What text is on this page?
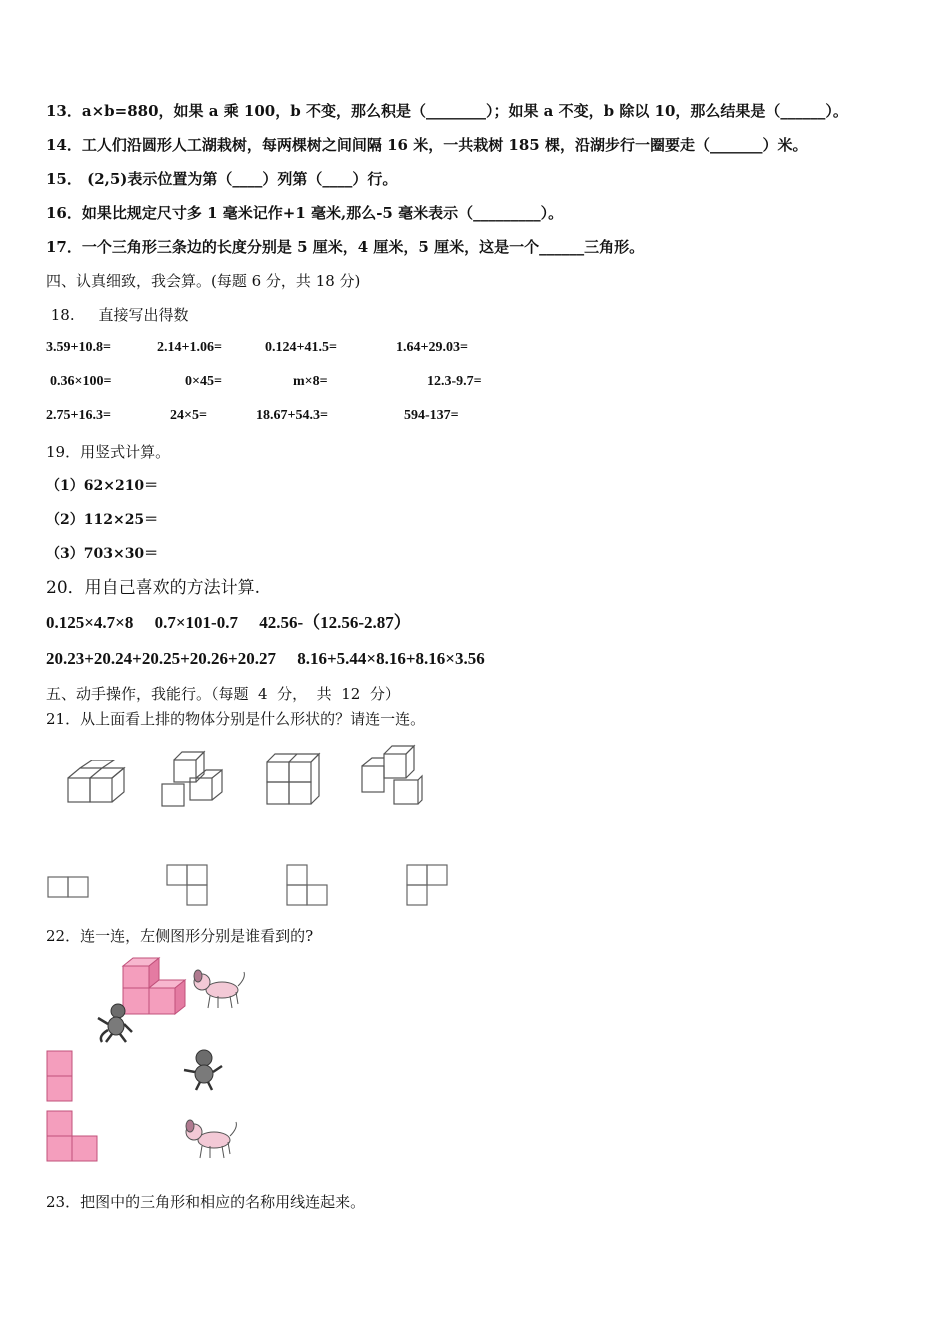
13．a×b=880，如果 a 乘 100，b 不变，那么积是（________）；如果 a 不变，b 除以 10，那么结果是（______）。
14．工人们沿圆形人工湖栽树，每两棵树之间间隔 16 米，一共栽树 185 棵，沿湖步行一圈要走（_______）米。
15． (2,5)表示位置为第（____）列第（____）行。
16．如果比规定尺寸多 1 毫米记作+1 毫米,那么-5 毫米表示（_________）。
17．一个三角形三条边的长度分别是 5 厘米，4 厘米，5 厘米，这是一个______三角形。
四、认真细致，我会算。(每题 6 分，共 18 分)
18.     直接写出得数
3.59+10.8=	2.14+1.06=	0.124+41.5=	1.64+29.03=
0.36×100=	0×45=	m×8=	12.3-9.7=
2.75+16.3=	24×5=	18.67+54.3=	594-137=
19．用竖式计算。
（1）62×210＝
（2）112×25＝
（3）703×30＝
20．用自己喜欢的方法计算.
0.125×4.7×8     0.7×101-0.7     42.56-（12.56-2.87）
20.23+20.24+20.25+20.26+20.27     8.16+5.44×8.16+8.16×3.56
五、动手操作，我能行。（每题  4  分，  共  12  分）
21．从上面看上排的物体分别是什么形状的？请连一连。
22．连一连，左侧图形分别是谁看到的?
23．把图中的三角形和相应的名称用线连起来。
